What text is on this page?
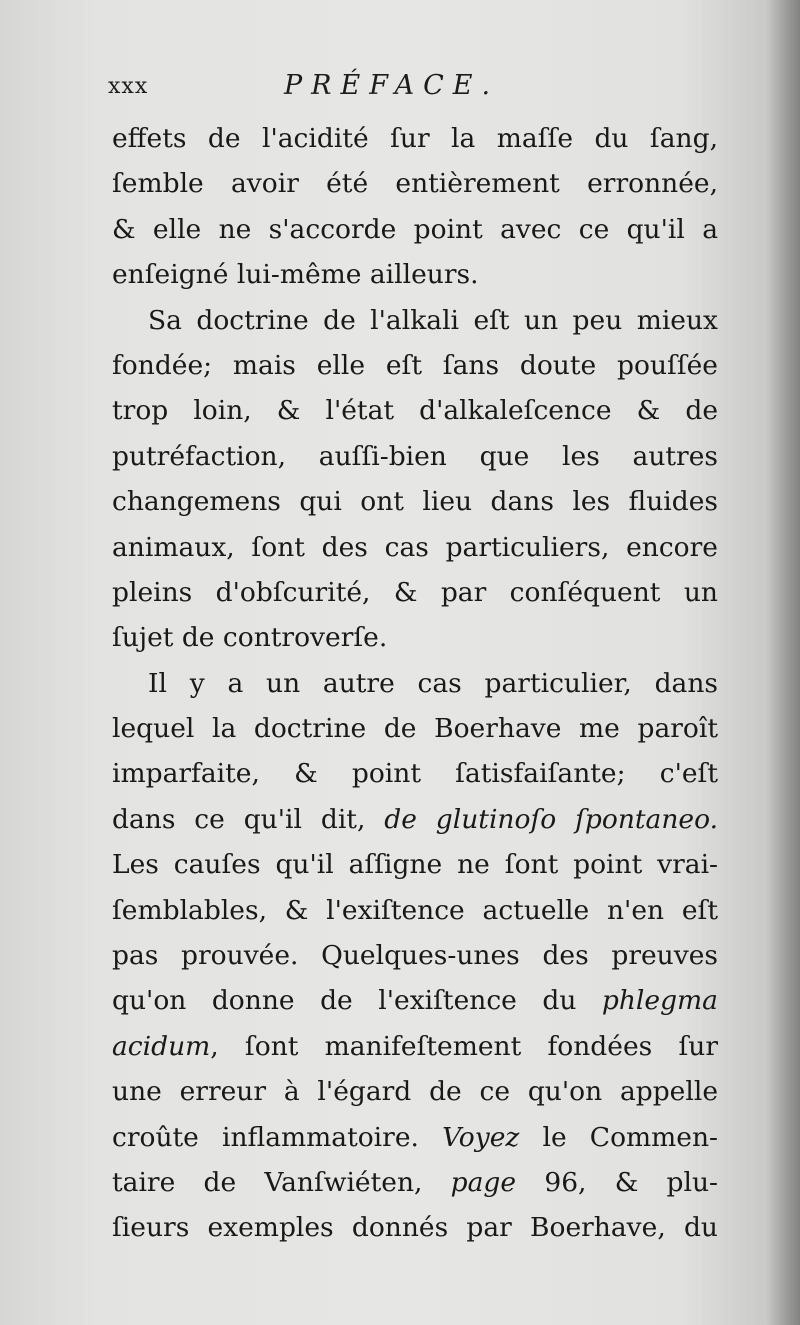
xxx	PRÉFACE.
effets de l'acidité ſur la maſſe du ſang,
ſemble avoir été entièrement erronnée,
& elle ne s'accorde point avec ce qu'il a
enſeigné lui-même ailleurs.
Sa doctrine de l'alkali eſt un peu mieux
fondée; mais elle eſt ſans doute pouſſée
trop loin, & l'état d'alkaleſcence & de
putréfaction, auſſi-bien que les autres
changemens qui ont lieu dans les fluides
animaux, ſont des cas particuliers, encore
pleins d'obſcurité, & par conſéquent un
ſujet de controverſe.
Il y a un autre cas particulier, dans
lequel la doctrine de Boerhave me paroît
imparfaite, & point ſatisfaiſante; c'eſt
dans ce qu'il dit, de glutinoſo ſpontaneo.
Les cauſes qu'il aſſigne ne ſont point vrai-
ſemblables, & l'exiſtence actuelle n'en eſt
pas prouvée. Quelques-unes des preuves
qu'on donne de l'exiſtence du phlegma
acidum, ſont manifeſtement fondées ſur
une erreur à l'égard de ce qu'on appelle
croûte inflammatoire. Voyez le Commen-
taire de Vanſwiéten, page 96, & plu-
ſieurs exemples donnés par Boerhave, du
